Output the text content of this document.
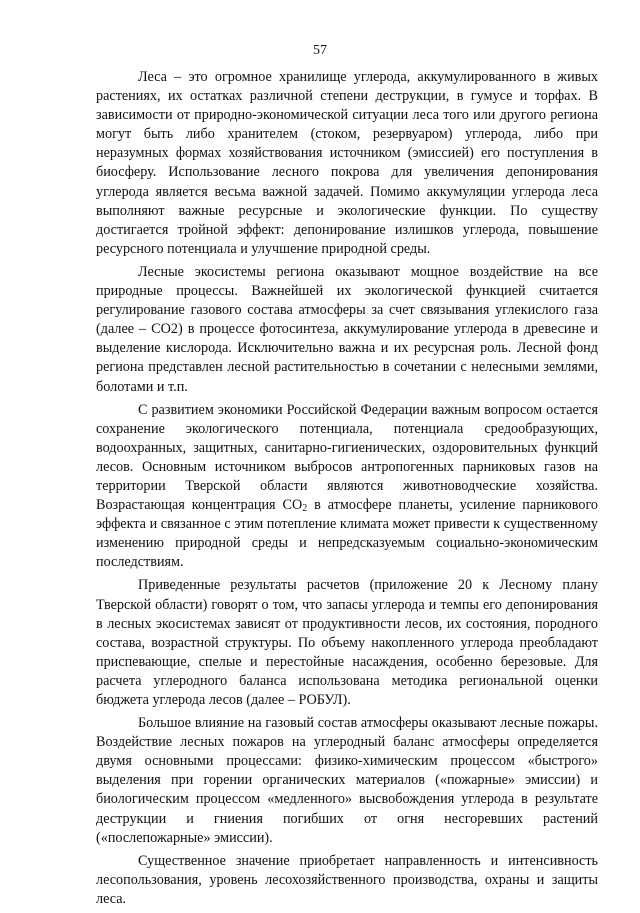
57

Леса – это огромное хранилище углерода, аккумулированного в живых растениях, их остатках различной степени деструкции, в гумусе и торфах. В зависимости от природно-экономической ситуации леса того или другого региона могут быть либо хранителем (стоком, резервуаром) углерода, либо при неразумных формах хозяйствования источником (эмиссией) его поступления в биосферу. Использование лесного покрова для увеличения депонирования углерода является весьма важной задачей. Помимо аккумуляции углерода леса выполняют важные ресурсные и экологические функции. По существу достигается тройной эффект: депонирование излишков углерода, повышение ресурсного потенциала и улучшение природной среды.

Лесные экосистемы региона оказывают мощное воздействие на все природные процессы. Важнейшей их экологической функцией считается регулирование газового состава атмосферы за счет связывания углекислого газа (далее – CO2) в процессе фотосинтеза, аккумулирование углерода в древесине и выделение кислорода. Исключительно важна и их ресурсная роль. Лесной фонд региона представлен лесной растительностью в сочетании с нелесными землями, болотами и т.п.

С развитием экономики Российской Федерации важным вопросом остается сохранение экологического потенциала, потенциала средообразующих, водоохранных, защитных, санитарно-гигиенических, оздоровительных функций лесов. Основным источником выбросов антропогенных парниковых газов на территории Тверской области являются животноводческие хозяйства. Возрастающая концентрация $CO_2$ в атмосфере планеты, усиление парникового эффекта и связанное с этим потепление климата может привести к существенному изменению природной среды и непредсказуемым социально-экономическим последствиям.

Приведенные результаты расчетов (приложение 20 к Лесному плану Тверской области) говорят о том, что запасы углерода и темпы его депонирования в лесных экосистемах зависят от продуктивности лесов, их состояния, породного состава, возрастной структуры. По объему накопленного углерода преобладают приспевающие, спелые и перестойные насаждения, особенно березовые. Для расчета углеродного баланса использована методика региональной оценки бюджета углерода лесов (далее – РОБУЛ).

Большое влияние на газовый состав атмосферы оказывают лесные пожары. Воздействие лесных пожаров на углеродный баланс атмосферы определяется двумя основными процессами: физико-химическим процессом «быстрого» выделения при горении органических материалов («пожарные» эмиссии) и биологическим процессом «медленного» высвобождения углерода в результате деструкции и гниения погибших от огня несгоревших растений («послепожарные» эмиссии).

Существенное значение приобретает направленность и интенсивность лесопользования, уровень лесохозяйственного производства, охраны и защиты леса.
